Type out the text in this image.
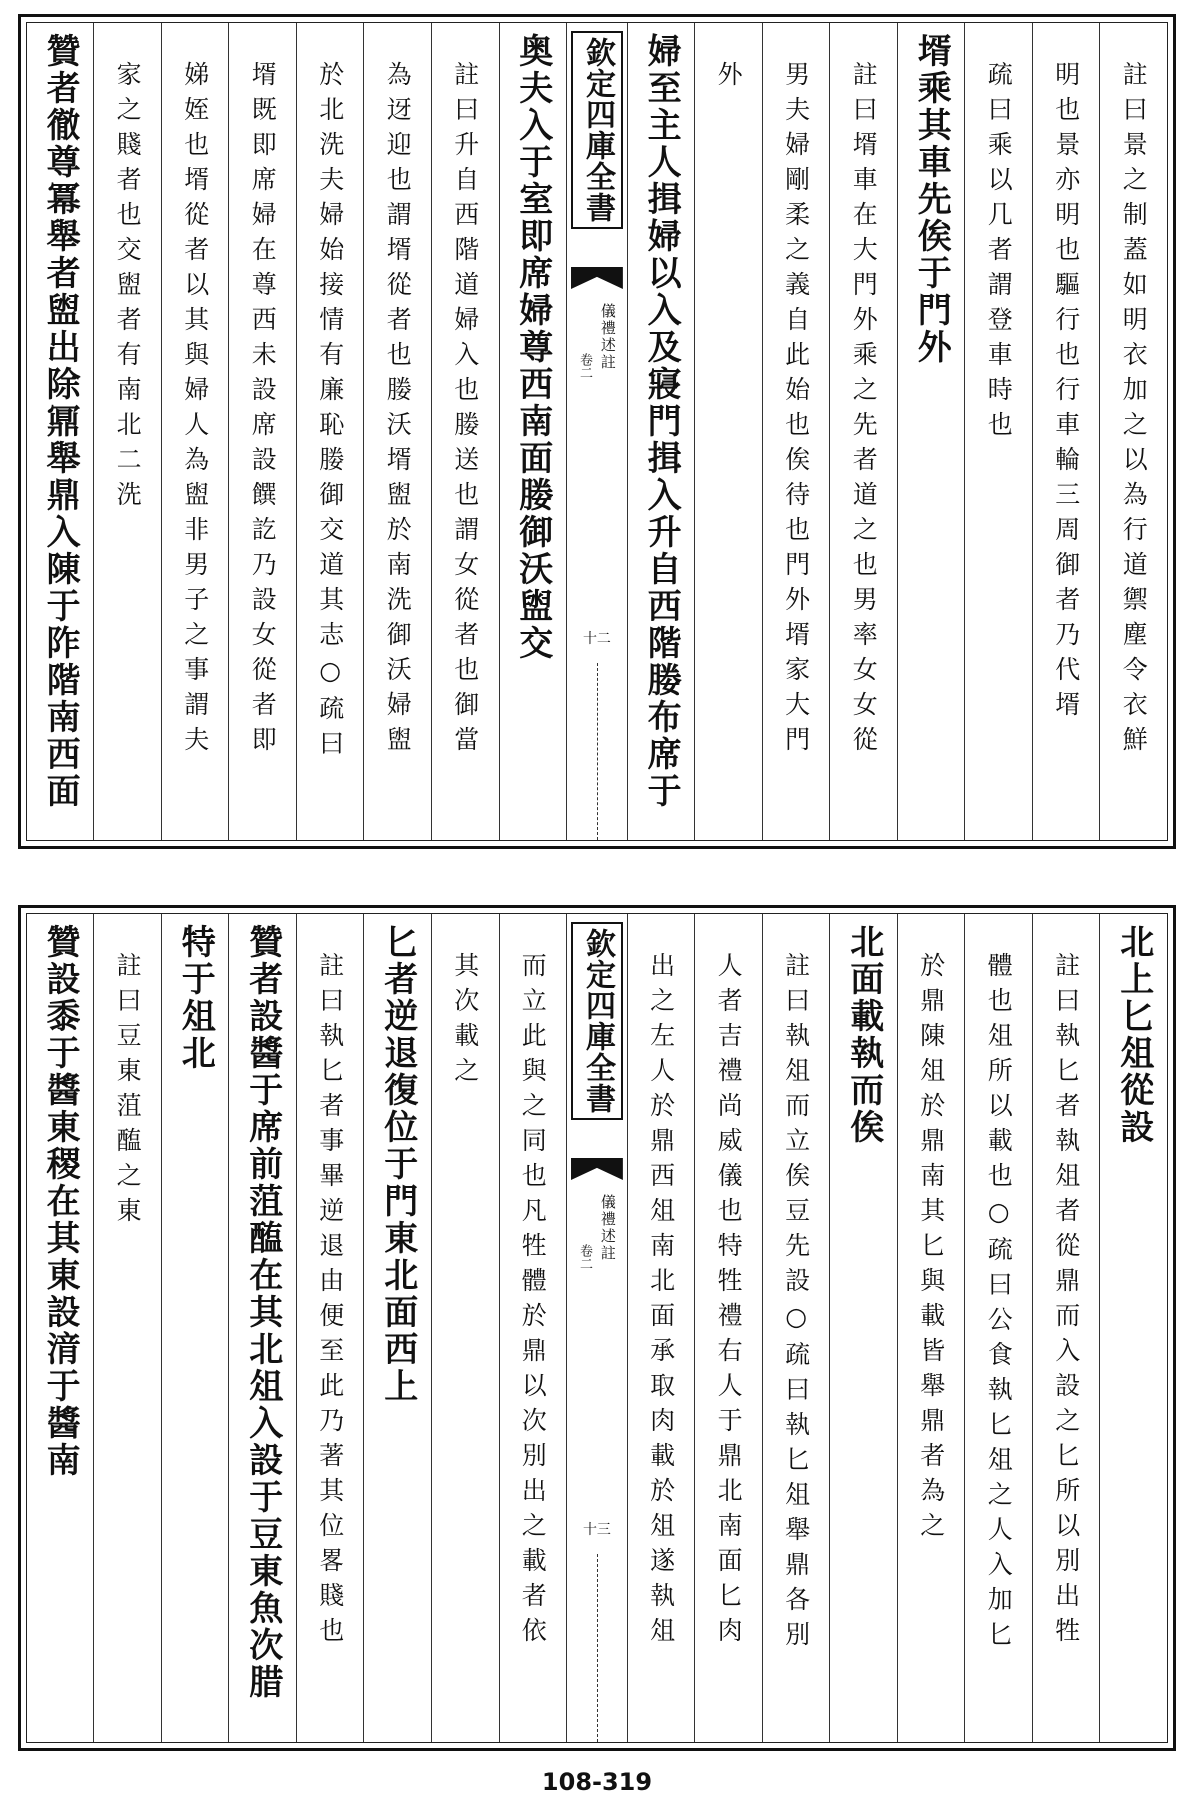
註曰景之制蓋如明衣加之以為行道禦塵令衣鮮
明也景亦明也驅行也行車輪三周御者乃代壻
疏曰乘以几者謂登車時也
壻乘其車先俟于門外
註曰壻車在大門外乘之先者道之也男率女女從
男夫婦剛柔之義自此始也俟待也門外壻家大門
外
婦至主人揖婦以入及寢門揖入升自西階媵布席于
欽定四庫全書
儀禮述註
卷二
十二
奥夫入于室即席婦尊西南面媵御沃盥交
註曰升自西階道婦入也媵送也謂女從者也御當
為迓迎也謂壻從者也媵沃壻盥於南洗御沃婦盥
於北洗夫婦始接情有廉恥媵御交道其志○疏曰
壻既即席婦在尊西未設席設饌訖乃設女從者即
娣姪也壻從者以其與婦人為盥非男子之事謂夫
家之賤者也交盥者有南北二洗
贊者徹尊冪舉者盥出除鼏舉鼎入陳于阼階南西面
北上匕俎從設
註曰執匕者執俎者從鼎而入設之匕所以別出牲
體也俎所以載也○疏曰公食執匕俎之人入加匕
於鼎陳俎於鼎南其匕與載皆舉鼎者為之
北面載執而俟
註曰執俎而立俟豆先設○疏曰執匕俎舉鼎各別
人者吉禮尚威儀也特牲禮右人于鼎北南面匕肉
出之左人於鼎西俎南北面承取肉載於俎遂執俎
欽定四庫全書
儀禮述註
卷二
十三
而立此與之同也凡牲體於鼎以次別出之載者依
其次載之
匕者逆退復位于門東北面西上
註曰執匕者事畢逆退由便至此乃著其位畧賤也
贊者設醬于席前菹醢在其北俎入設于豆東魚次腊
特于俎北
註曰豆東菹醢之東
贊設黍于醬東稷在其東設湇于醬南
108-319
